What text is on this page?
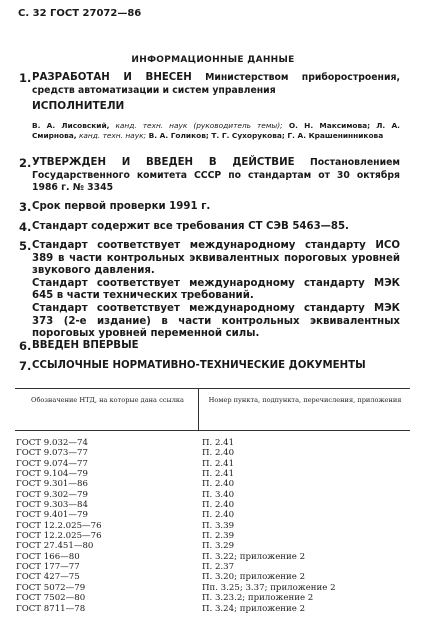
С. 32 ГОСТ 27072—86
ИНФОРМАЦИОННЫЕ ДАННЫЕ
1. РАЗРАБОТАН И ВНЕСЕН Министерством приборостроения, средств автоматизации и систем управления
ИСПОЛНИТЕЛИ
В. А. Лисовский, канд. техн. наук (руководитель темы); О. Н. Максимова; Л. А. Смирнова, канд. техн. наук; В. А. Голиков; Т. Г. Сухорукова; Г. А. Крашенинникова
2. УТВЕРЖДЕН И ВВЕДЕН В ДЕЙСТВИЕ Постановлением Государственного комитета СССР по стандартам от 30 октября 1986 г. № 3345
3. Срок первой проверки 1991 г.
4. Стандарт содержит все требования СТ СЭВ 5463—85.
5. Стандарт соответствует международному стандарту ИСО 389 в части контрольных эквивалентных пороговых уровней звукового давления.
Стандарт соответствует международному стандарту МЭК 645 в части технических требований.
Стандарт соответствует международному стандарту МЭК 373 (2-е издание) в части контрольных эквивалентных пороговых уровней переменной силы.
6. ВВЕДЕН ВПЕРВЫЕ
7. ССЫЛОЧНЫЕ НОРМАТИВНО-ТЕХНИЧЕСКИЕ ДОКУМЕНТЫ
Обозначение НТД, на которые дана ссылка	Номер пункта, подпункта, перечисления, приложения
ГОСТ 9.032—74	П. 2.41
ГОСТ 9.073—77	П. 2.40
ГОСТ 9.074—77	П. 2.41
ГОСТ 9.104—79	П. 2.41
ГОСТ 9.301—86	П. 2.40
ГОСТ 9.302—79	П. 3.40
ГОСТ 9.303—84	П. 2.40
ГОСТ 9.401—79	П. 2.40
ГОСТ 12.2.025—76	П. 3.39
ГОСТ 12.2.025—76	П. 2.39
ГОСТ 27.451—80	П. 3.29
ГОСТ 166—80	П. 3.22; приложение 2
ГОСТ 177—77	П. 2.37
ГОСТ 427—75	П. 3.20; приложение 2
ГОСТ 5072—79	Пп. 3.25; 3.37; приложение 2
ГОСТ 7502—80	П. 3.23.2; приложение 2
ГОСТ 8711—78	П. 3.24; приложение 2
